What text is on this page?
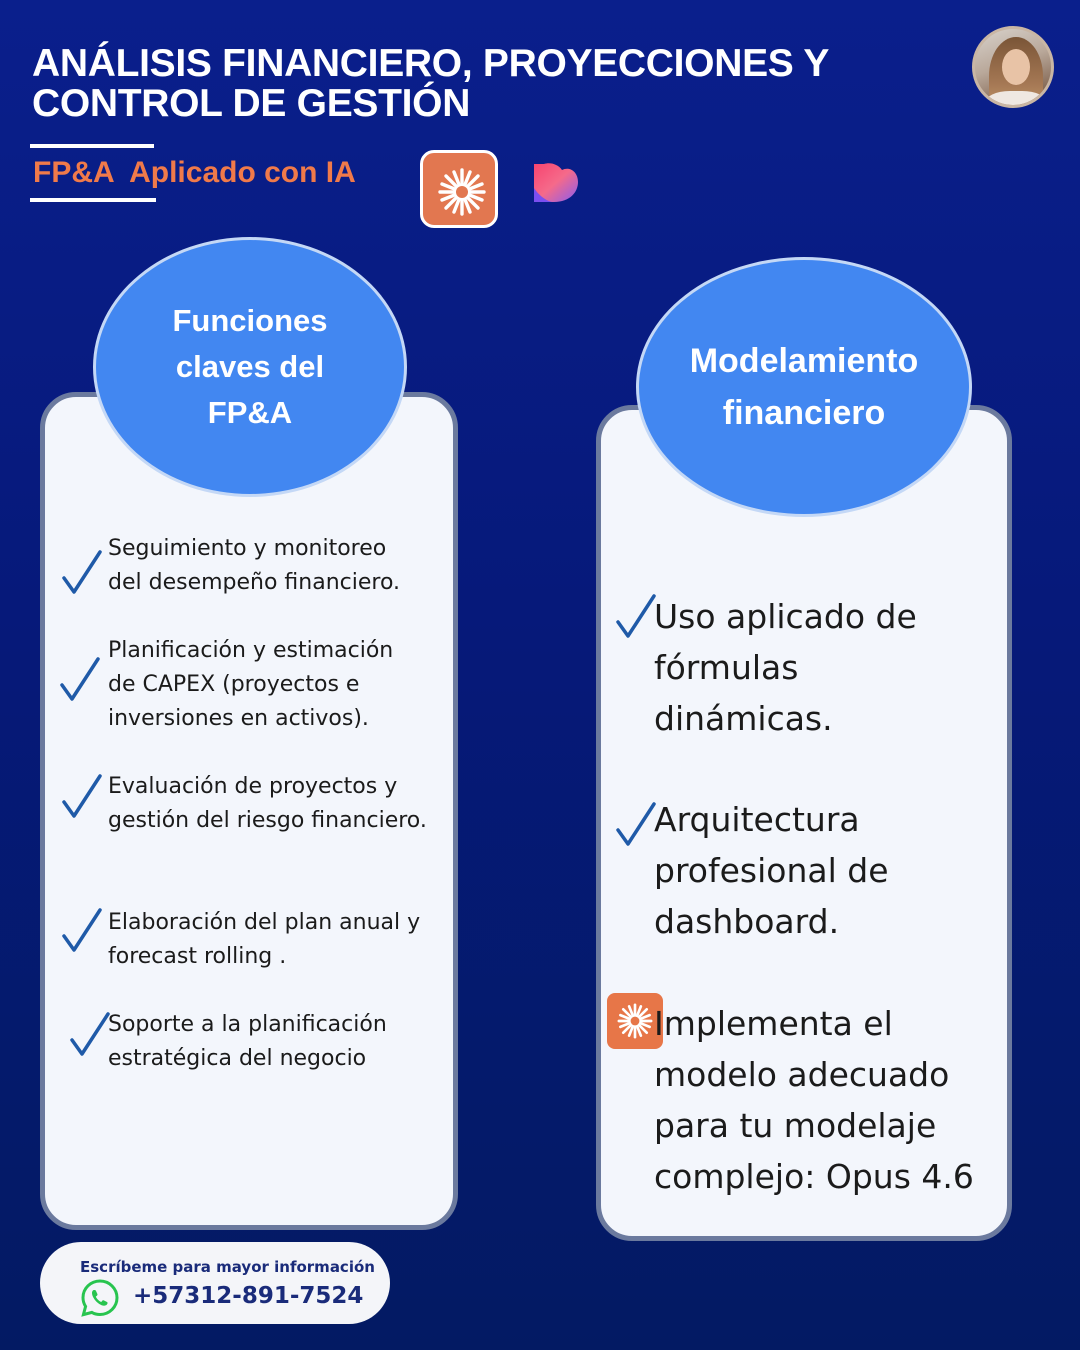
ANÁLISIS FINANCIERO, PROYECCIONES Y CONTROL DE GESTIÓN
FP&A  Aplicado con IA
Funciones
claves del
FP&A
Seguimiento y monitoreo
del desempeño financiero.
Planificación y estimación
de CAPEX (proyectos e
inversiones en activos).
Evaluación de proyectos y
gestión del riesgo financiero.
Elaboración del plan anual y
forecast rolling .
Soporte a la planificación
estratégica del negocio
Modelamiento
financiero
Uso aplicado de
fórmulas
dinámicas.
Arquitectura
profesional de
dashboard.
Implementa el
modelo adecuado
para tu modelaje
complejo: Opus 4.6
Escríbeme para mayor información
+57312-891-7524
